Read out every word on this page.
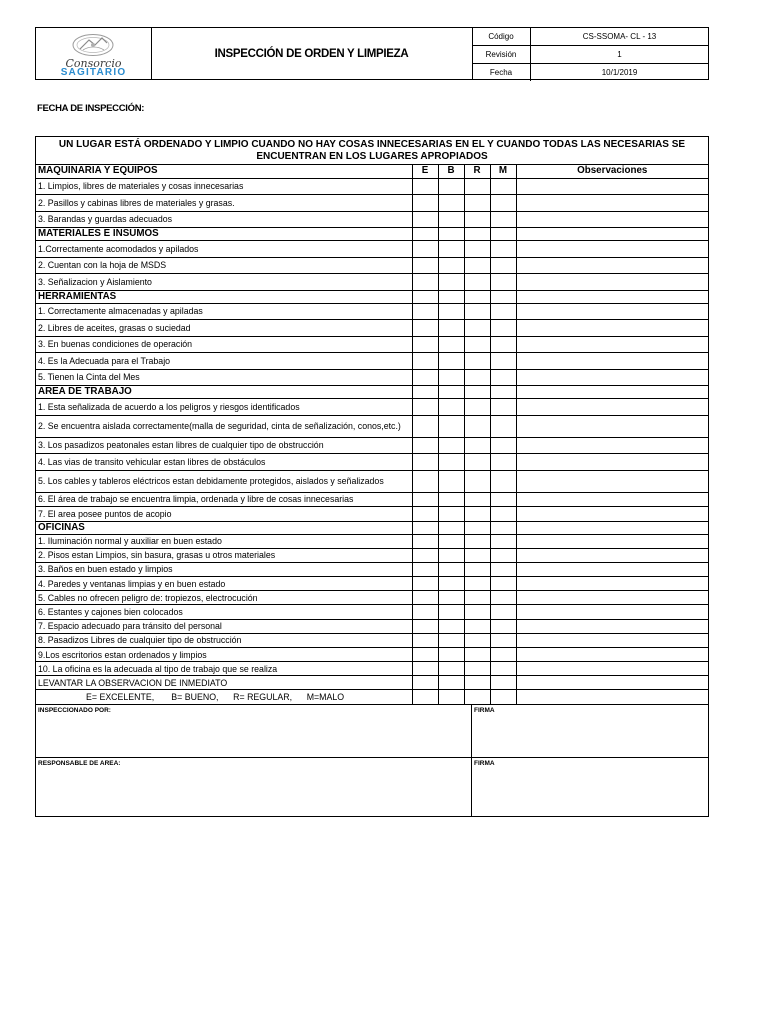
Consorcio
SAGITARIO
INSPECCIÓN DE ORDEN Y LIMPIEZA
Código	CS-SSOMA- CL - 13
Revisión	1
Fecha	10/1/2019
FECHA DE INSPECCIÓN:
UN LUGAR ESTÁ ORDENADO Y LIMPIO CUANDO NO HAY COSAS INNECESARIAS EN EL Y CUANDO TODAS LAS NECESARIAS SE ENCUENTRAN EN LOS LUGARES APROPIADOS
MAQUINARIA Y EQUIPOS	E	B	R	M	Observaciones
1. Limpios, libres de materiales y cosas innecesarias					
2. Pasillos y cabinas libres de materiales y grasas.					
3. Barandas y guardas adecuados					
MATERIALES E INSUMOS					
1.Correctamente acomodados y apilados					
2. Cuentan con la hoja de MSDS					
3. Señalizacion y Aislamiento					
HERRAMIENTAS					
1. Correctamente almacenadas y apiladas					
2. Libres de aceites, grasas o suciedad					
3. En buenas condiciones de operación					
4. Es la Adecuada para el Trabajo					
5. Tienen la Cinta del Mes					
AREA DE TRABAJO					
1. Esta señalizada de acuerdo a los peligros y riesgos identificados					
2. Se encuentra aislada correctamente(malla de seguridad, cinta de señalización, conos,etc.)					
3. Los pasadizos peatonales estan libres de cualquier tipo de obstrucción					
4. Las vias de transito vehicular estan libres de obstáculos					
5. Los cables y tableros eléctricos estan debidamente protegidos, aislados y señalizados					
6. El área de trabajo se encuentra limpia, ordenada y libre de cosas innecesarias					
7. El area posee puntos de acopio					
OFICINAS					
1. Iluminación normal y auxiliar en buen estado					
2. Pisos estan Limpios, sin basura, grasas u otros materiales					
3. Baños en buen estado y limpios					
4. Paredes y ventanas limpias y en buen estado					
5. Cables no ofrecen peligro de: tropiezos, electrocución					
6. Estantes y cajones bien colocados					
7. Espacio adecuado para tránsito del personal					
8. Pasadizos Libres de cualquier tipo de obstrucción					
9.Los escritorios estan ordenados y limpios					
10. La oficina es la adecuada al tipo de trabajo que se realiza					
LEVANTAR LA OBSERVACION DE INMEDIATO					
E= EXCELENTE,       B= BUENO,      R= REGULAR,      M=MALO					
INSPECCIONADO POR:	FIRMA
RESPONSABLE DE AREA:	FIRMA
